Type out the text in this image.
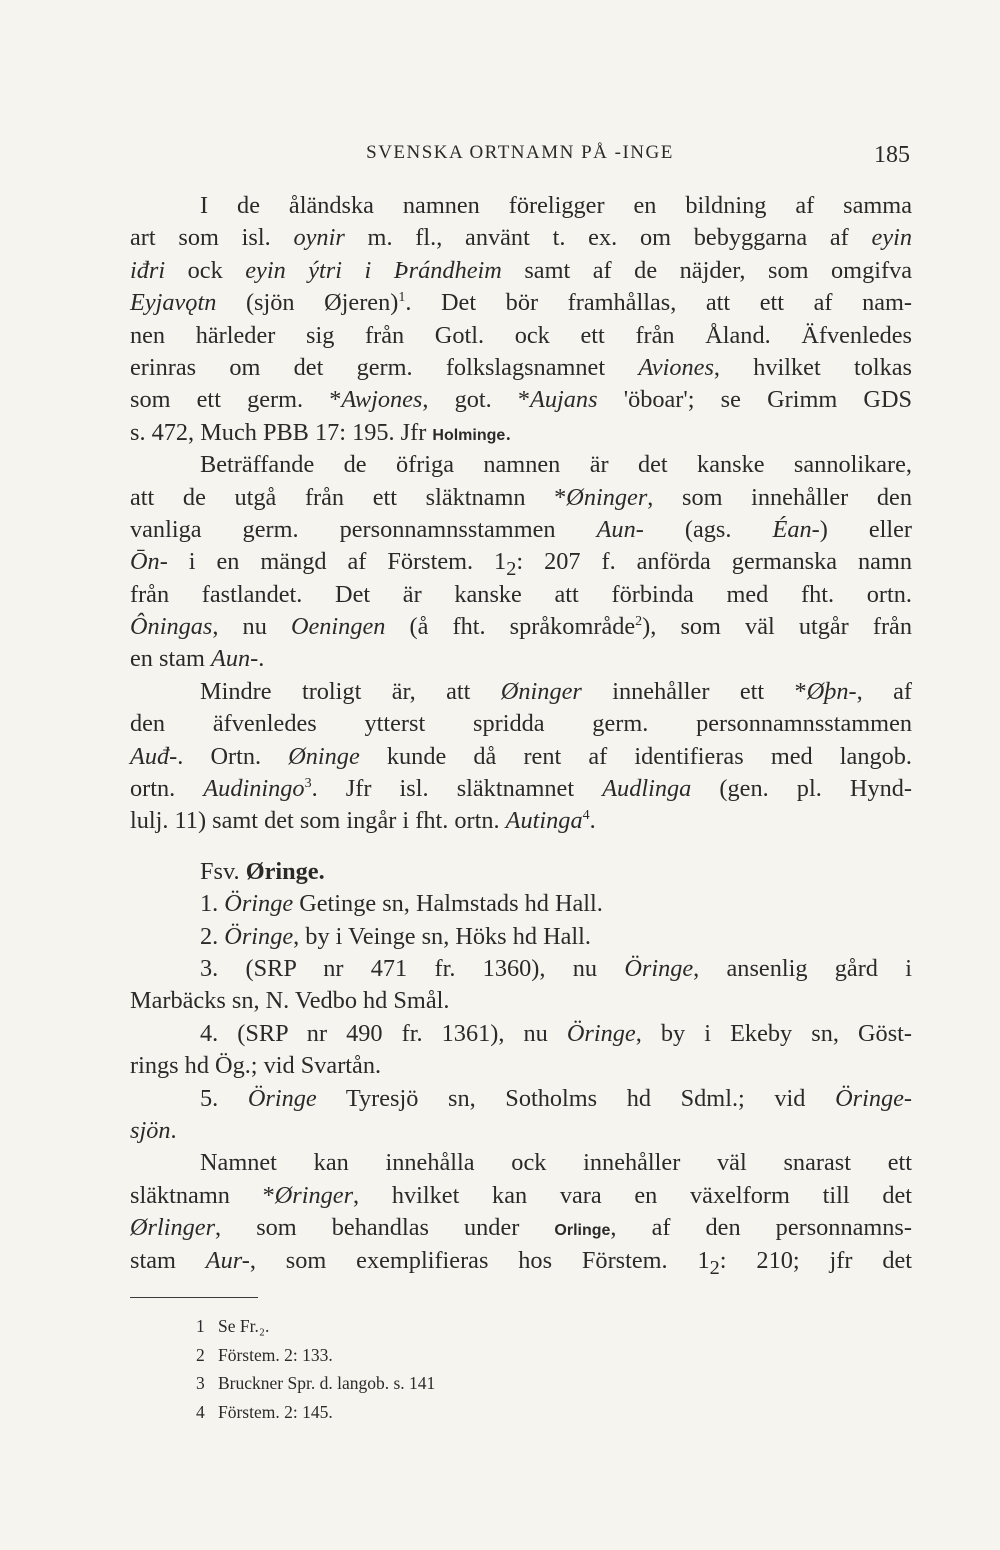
SVENSKA ORTNAMN PÅ -INGE	185
I de åländska namnen föreligger en bildning af samma
art som isl. oynir m. fl., använt t. ex. om bebyggarna af eyin
iđri ock eyin ýtri i Þrándheim samt af de näjder, som omgifva
Eyjavǫtn (sjön Øjeren)$^1$. Det bör framhållas, att ett af nam-
nen härleder sig från Gotl. ock ett från Åland. Äfvenledes
erinras om det germ. folkslagsnamnet Aviones, hvilket tolkas
som ett germ. *Awjones, got. *Aujans 'öboar'; se Grimm GDS
s. 472, Much PBB 17: 195. Jfr Holminge.
Beträffande de öfriga namnen är det kanske sannolikare,
att de utgå från ett släktnamn *Øninger, som innehåller den
vanliga germ. personnamnsstammen Aun- (ags. Éan-) eller
Ōn- i en mängd af Förstem. $1_2$: 207 f. anförda germanska namn
från fastlandet. Det är kanske att förbinda med fht. ortn.
Ôningas, nu Oeningen (å fht. språkområde$^2$), som väl utgår från
en stam Aun-.
Mindre troligt är, att Øninger innehåller ett *Øþn-, af
den äfvenledes ytterst spridda germ. personnamnsstammen
Auđ-. Ortn. Øninge kunde då rent af identifieras med langob.
ortn. Audiningo$^3$. Jfr isl. släktnamnet Audlinga (gen. pl. Hynd-
lulj. 11) samt det som ingår i fht. ortn. Autinga$^4$.
Fsv. Øringe.
1. Öringe Getinge sn, Halmstads hd Hall.
2. Öringe, by i Veinge sn, Höks hd Hall.
3. (SRP nr 471 fr. 1360), nu Öringe, ansenlig gård i
Marbäcks sn, N. Vedbo hd Smål.
4. (SRP nr 490 fr. 1361), nu Öringe, by i Ekeby sn, Göst-
rings hd Ög.; vid Svartån.
5. Öringe Tyresjö sn, Sotholms hd Sdml.; vid Öringe-
sjön.
Namnet kan innehålla ock innehåller väl snarast ett
släktnamn *Øringer, hvilket kan vara en växelform till det
Ørlinger, som behandlas under Orlinge, af den personnamns-
stam Aur-, som exemplifieras hos Förstem. $1_2$: 210; jfr det
1 Se Fr.₂.
2 Förstem. 2: 133.
3 Bruckner Spr. d. langob. s. 141
4 Förstem. 2: 145.
